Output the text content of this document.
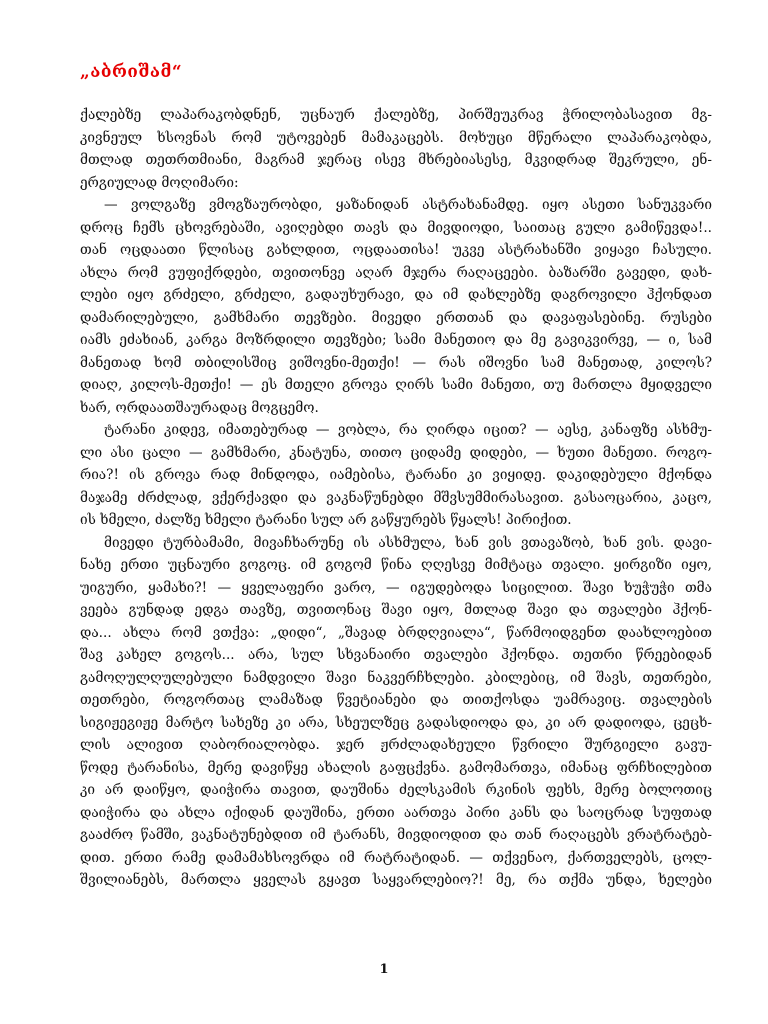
„აბრიშამ“
ქალებზე ლაპარაკობდნენ, უცნაურ ქალებზე, პირშეუკრავ ჭრილობასავით მგ-
კივნეულ ხსოვნას რომ უტოვებენ მამაკაცებს. მოხუცი მწერალი ლაპარაკობდა,
მთლად თეთრთმიანი, მაგრამ ჯერაც ისევ მხრებიასესე, მკვიდრად შეკრული, ენ-
ერგიულად მოღიმარი:
— ვოლგაზე ვმოგზაურობდი, ყაზანიდან ასტრახანამდე. იყო ასეთი სანუკვარი
დროც ჩემს ცხოვრებაში, ავიღებდი თავს და მივდიოდი, საითაც გული გამიწევდა!..
თან ოცდაათი წლისაც გახლდით, ოცდაათისა! უკვე ასტრახანში ვიყავი ჩასული.
ახლა რომ ვუფიქრდები, თვითონვე აღარ მჯერა რაღაცეები. ბაზარში გავედი, დახ-
ლები იყო გრძელი, გრძელი, გადაუხურავი, და იმ დახლებზე დაგროვილი ჰქონდათ
დამარილებული, გამხმარი თევზები. მივედი ერთთან და დავაფასებინე. რუსები
იამს ეძახიან, კარგა მოზრდილი თევზები; სამი მანეთიო და მე გავიკვირვე, — ი, სამ
მანეთად ხომ თბილისშიც ვიშოვნი-მეთქი! — რას იშოვნი სამ მანეთად, კილოს?
დიაღ, კილოს-მეთქი! — ეს მთელი გროვა ღირს სამი მანეთი, თუ მართლა მყიდველი
ხარ, ორდაათშაურადაც მოგცემო.
ტარანი კიდევ, იმათებურად — ვობლა, რა ღირდა იცით? — აესე, კანაფზე ასხმუ-
ლი ასი ცალი — გამხმარი, კნატუნა, თითო ციდამე დიდები, — ხუთი მანეთი. როგო-
რია?! ის გროვა რად მინდოდა, იამებისა, ტარანი კი ვიყიდე. დაკიდებული მქონდა
მაჯამე ძრძლად, ვქერქავდი და ვაკნაწუნებდი მშვსუმმირასავით. გასაოცარია, კაცო,
ის ხმელი, ძალზე ხმელი ტარანი სულ არ გაწყურებს წყალს! პირიქით.
მივედი ტურბამამი, მივაჩხარუნე ის ასხმულა, ხან ვის ვთავაზობ, ხან ვის. დავი-
ნახე ერთი უცნაური გოგოც. იმ გოგომ წინა ღღესვე მიმტაცა თვალი. ყირგიზი იყო,
უიგური, ყამახი?! — ყველაფერი ვარო, — იგუდებოდა სიცილით. შავი ხუჭუჭი თმა
ვეება გუნდად ედგა თავზე, თვითონაც შავი იყო, მთლად შავი და თვალები ჰქონ-
და... ახლა რომ ვთქვა: „დიდი“, „შავად ბრდღვიალა“, წარმოიდგენთ დაახლოებით
შავ კახელ გოგოს... არა, სულ სხვანაირი თვალები ჰქონდა. თეთრი წრეებიდან
გამოღულღულებული ნამდვილი შავი ნაკვერჩხლები. კბილებიც, იმ შავს, თეთრები,
თეთრები, როგორთაც ლამაზად წვეტიანები და თითქოსდა უამრავიც. თვალების
სიგიჟეგიჟე მარტო სახეზე კი არა, სხეულზეც გადასდიოდა და, კი არ დადიოდა, ცეცხ-
ლის ალივით ღაბორიალობდა. ჯერ ჟრძლადახეული წვრილი შურგიელი გავუ-
წოდე ტარანისა, მერე დავიწყე ახალის გაფცქვნა. გამომართვა, იმანაც ფრჩხილებით
კი არ დაიწყო, დაიჭირა თავით, დაუშინა ძელსკამის რკინის ფეხს, მერე ბოლოთიც
დაიჭირა და ახლა იქიდან დაუშინა, ერთი აართვა პირი კანს და საოცრად სუფთად
გააძრო წამში, ვაკნატუნებდით იმ ტარანს, მივდიოდით და თან რაღაცებს ვრატრატებ-
დით. ერთი რამე დამამახსოვრდა იმ რატრატიდან. — თქვენაო, ქართველებს, ცოლ-
შვილიანებს, მართლა ყველას გყავთ საყვარლებიო?! მე, რა თქმა უნდა, ხელები
1
